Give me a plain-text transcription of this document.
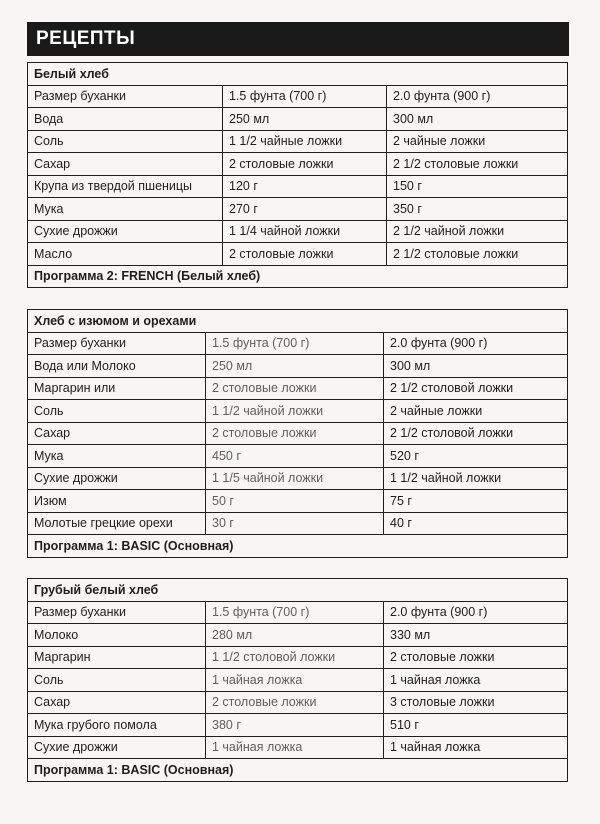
РЕЦЕПТЫ
Белый хлеб		
Размер буханки	1.5 фунта (700 г)	2.0 фунта (900 г)
Вода	250 мл	300 мл
Соль	1 1/2 чайные ложки	2 чайные ложки
Сахар	2 столовые ложки	2 1/2 столовые ложки
Крупа из твердой пшеницы	120 г	150 г
Мука	270 г	350 г
Сухие дрожжи	1 1/4 чайной ложки	2 1/2 чайной ложки
Масло	2 столовые ложки	2 1/2 столовые ложки
Программа 2: FRENCH (Белый хлеб)		
Хлеб с изюмом и орехами		
Размер буханки	1.5 фунта (700 г)	2.0 фунта (900 г)
Вода или Молоко	250 мл	300 мл
Маргарин или	2 столовые ложки	2 1/2 столовой ложки
Соль	1 1/2 чайной ложки	2 чайные ложки
Сахар	2 столовые ложки	2 1/2 столовой ложки
Мука	450 г	520 г
Сухие дрожжи	1 1/5 чайной ложки	1 1/2 чайной ложки
Изюм	50 г	75 г
Молотые грецкие орехи	30 г	40 г
Программа 1: BASIC (Основная)		
Грубый белый хлеб		
Размер буханки	1.5 фунта (700 г)	2.0 фунта (900 г)
Молоко	280 мл	330 мл
Маргарин	1 1/2 столовой ложки	2 столовые ложки
Соль	1 чайная ложка	1 чайная ложка
Сахар	2 столовые ложки	3 столовые ложки
Мука грубого помола	380 г	510 г
Сухие дрожжи	1 чайная ложка	1 чайная ложка
Программа 1: BASIC (Основная)		
